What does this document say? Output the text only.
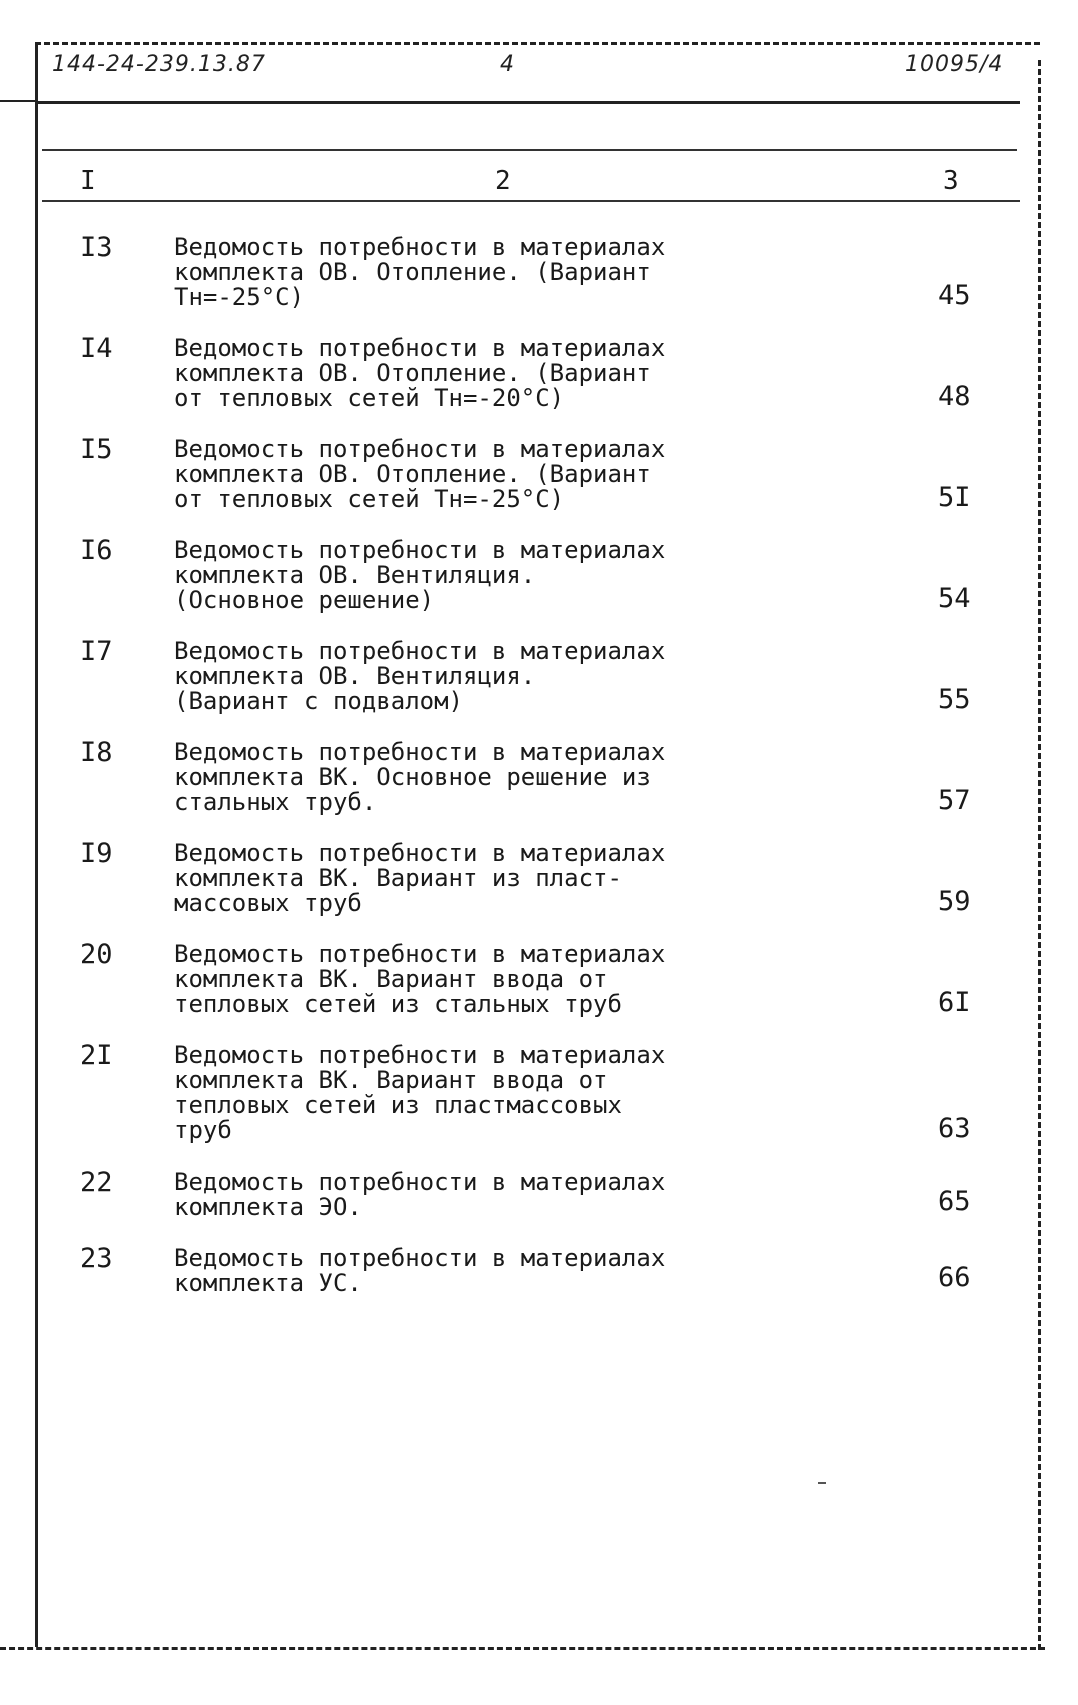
144-24-239.13.87	4	10095/4
I	2	3
I3	Ведомость потребности в материалах
комплекта ОВ. Отопление. (Вариант
Тн=-25°С)	45
I4	Ведомость потребности в материалах
комплекта ОВ. Отопление. (Вариант
от тепловых сетей Тн=-20°С)	48
I5	Ведомость потребности в материалах
комплекта ОВ. Отопление. (Вариант
от тепловых сетей Тн=-25°С)	5I
I6	Ведомость потребности в материалах
комплекта ОВ. Вентиляция.
(Основное решение)	54
I7	Ведомость потребности в материалах
комплекта ОВ. Вентиляция.
(Вариант с подвалом)	55
I8	Ведомость потребности в материалах
комплекта ВК. Основное решение из
стальных труб.	57
I9	Ведомость потребности в материалах
комплекта ВК. Вариант из пласт-
массовых труб	59
20	Ведомость потребности в материалах
комплекта ВК. Вариант ввода от
тепловых сетей из стальных труб	6I
2I	Ведомость потребности в материалах
комплекта ВК. Вариант ввода от
тепловых сетей из пластмассовых
труб	63
22	Ведомость потребности в материалах
комплекта ЭО.	65
23	Ведомость потребности в материалах
комплекта УС.	66
